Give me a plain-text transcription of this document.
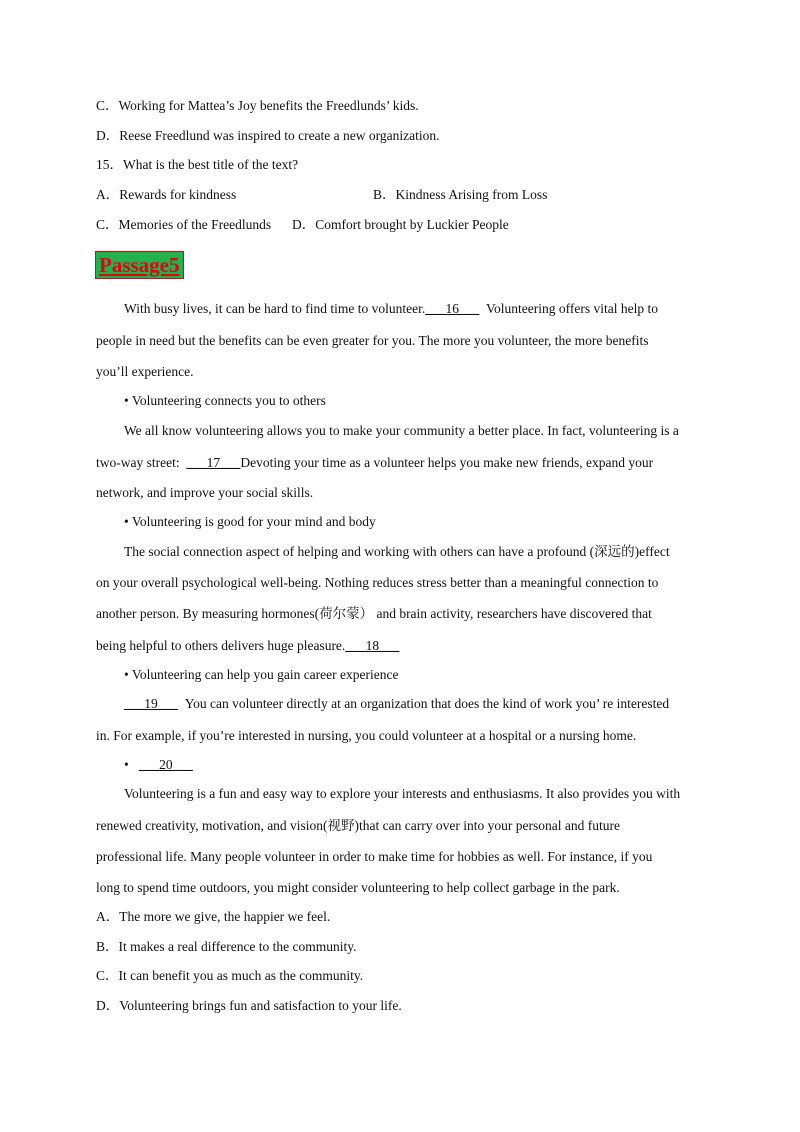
C．Working for Mattea’s Joy benefits the Freedlunds’ kids.
D．Reese Freedlund was inspired to create a new organization.
15．What is the best title of the text?
A．Rewards for kindness	B．Kindness Arising from Loss
C．Memories of the Freedlunds D．Comfort brought by Luckier People
Passage5
With busy lives, it can be hard to find time to volunteer.___16___ Volunteering offers vital help to
people in need but the benefits can be even greater for you. The more you volunteer, the more benefits
you’ll experience.
• Volunteering connects you to others
We all know volunteering allows you to make your community a better place. In fact, volunteering is a
two-way street: ___17___Devoting your time as a volunteer helps you make new friends, expand your
network, and improve your social skills.
• Volunteering is good for your mind and body
The social connection aspect of helping and working with others can have a profound (深远的)effect
on your overall psychological well-being. Nothing reduces stress better than a meaningful connection to
another person. By measuring hormones(荷尔蒙） and brain activity, researchers have discovered that
being helpful to others delivers huge pleasure.___18___
• Volunteering can help you gain career experience
___19___ You can volunteer directly at an organization that does the kind of work you’ re interested
in. For example, if you’re interested in nursing, you could volunteer at a hospital or a nursing home.
• ___20___
Volunteering is a fun and easy way to explore your interests and enthusiasms. It also provides you with
renewed creativity, motivation, and vision(视野)that can carry over into your personal and future
professional life. Many people volunteer in order to make time for hobbies as well. For instance, if you
long to spend time outdoors, you might consider volunteering to help collect garbage in the park.
A．The more we give, the happier we feel.
B．It makes a real difference to the community.
C．It can benefit you as much as the community.
D．Volunteering brings fun and satisfaction to your life.
